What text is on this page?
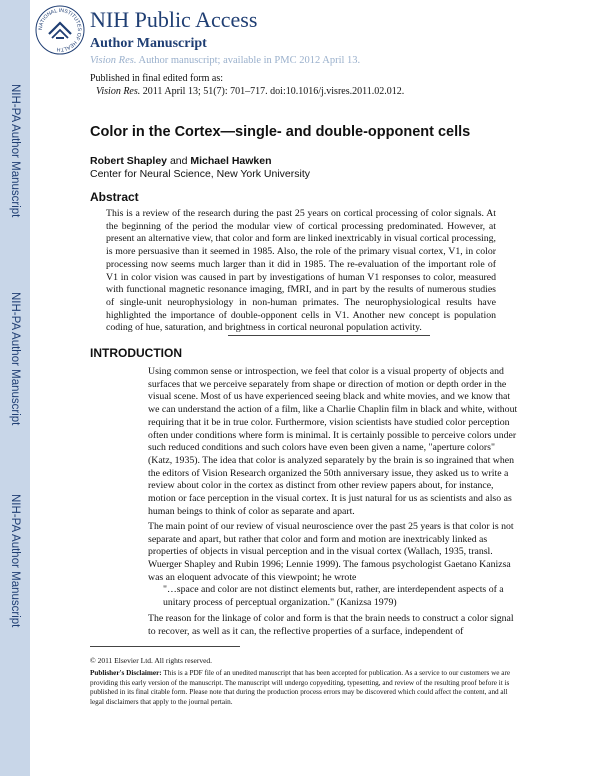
NIH-PA Author Manuscript
NIH-PA Author Manuscript
NIH-PA Author Manuscript
NATIONAL INSTITUTES OF HEALTH
NIH Public Access
Author Manuscript
Vision Res. Author manuscript; available in PMC 2012 April 13.
Published in final edited form as:
Vision Res. 2011 April 13; 51(7): 701–717. doi:10.1016/j.visres.2011.02.012.
Color in the Cortex—single- and double-opponent cells
Robert Shapley and Michael Hawken
Center for Neural Science, New York University
Abstract
This is a review of the research during the past 25 years on cortical processing of color signals. At the beginning of the period the modular view of cortical processing predominated. However, at present an alternative view, that color and form are linked inextricably in visual cortical processing, is more persuasive than it seemed in 1985. Also, the role of the primary visual cortex, V1, in color processing now seems much larger than it did in 1985. The re-evaluation of the important role of V1 in color vision was caused in part by investigations of human V1 responses to color, measured with functional magnetic resonance imaging, fMRI, and in part by the results of numerous studies of single-unit neurophysiology in non-human primates. The neurophysiological results have highlighted the importance of double-opponent cells in V1. Another new concept is population coding of hue, saturation, and brightness in cortical neuronal population activity.
INTRODUCTION

Using common sense or introspection, we feel that color is a visual property of objects and surfaces that we perceive separately from shape or direction of motion or depth order in the visual scene. Most of us have experienced seeing black and white movies, and we know that we can understand the action of a film, like a Charlie Chaplin film in black and white, without requiring that it be in true color. Furthermore, vision scientists have studied color perception often under conditions where form is minimal. It is certainly possible to perceive colors under such reduced conditions and such colors have even been given a name, "aperture colors" (Katz, 1935). The idea that color is analyzed separately by the brain is so ingrained that when the editors of Vision Research organized the 50th anniversary issue, they asked us to write a review about color in the cortex as distinct from other review papers about, for instance, motion or face perception in the visual cortex. It is just natural for us as scientists and also as human beings to think of color as separate and apart.

The main point of our review of visual neuroscience over the past 25 years is that color is not separate and apart, but rather that color and form and motion are inextricably linked as properties of objects in visual perception and in the visual cortex (Wallach, 1935, transl. Wuerger Shapley and Rubin 1996; Lennie 1999). The famous psychologist Gaetano Kanizsa was an eloquent advocate of this viewpoint; he wrote

"…space and color are not distinct elements but, rather, are interdependent aspects of a unitary process of perceptual organization." (Kanizsa 1979)

The reason for the linkage of color and form is that the brain needs to construct a color signal to recover, as well as it can, the reflective properties of a surface, independent of

© 2011 Elsevier Ltd. All rights reserved.
Publisher's Disclaimer: This is a PDF file of an unedited manuscript that has been accepted for publication. As a service to our customers we are providing this early version of the manuscript. The manuscript will undergo copyediting, typesetting, and review of the resulting proof before it is published in its final citable form. Please note that during the production process errors may be discovered which could affect the content, and all legal disclaimers that apply to the journal pertain.
